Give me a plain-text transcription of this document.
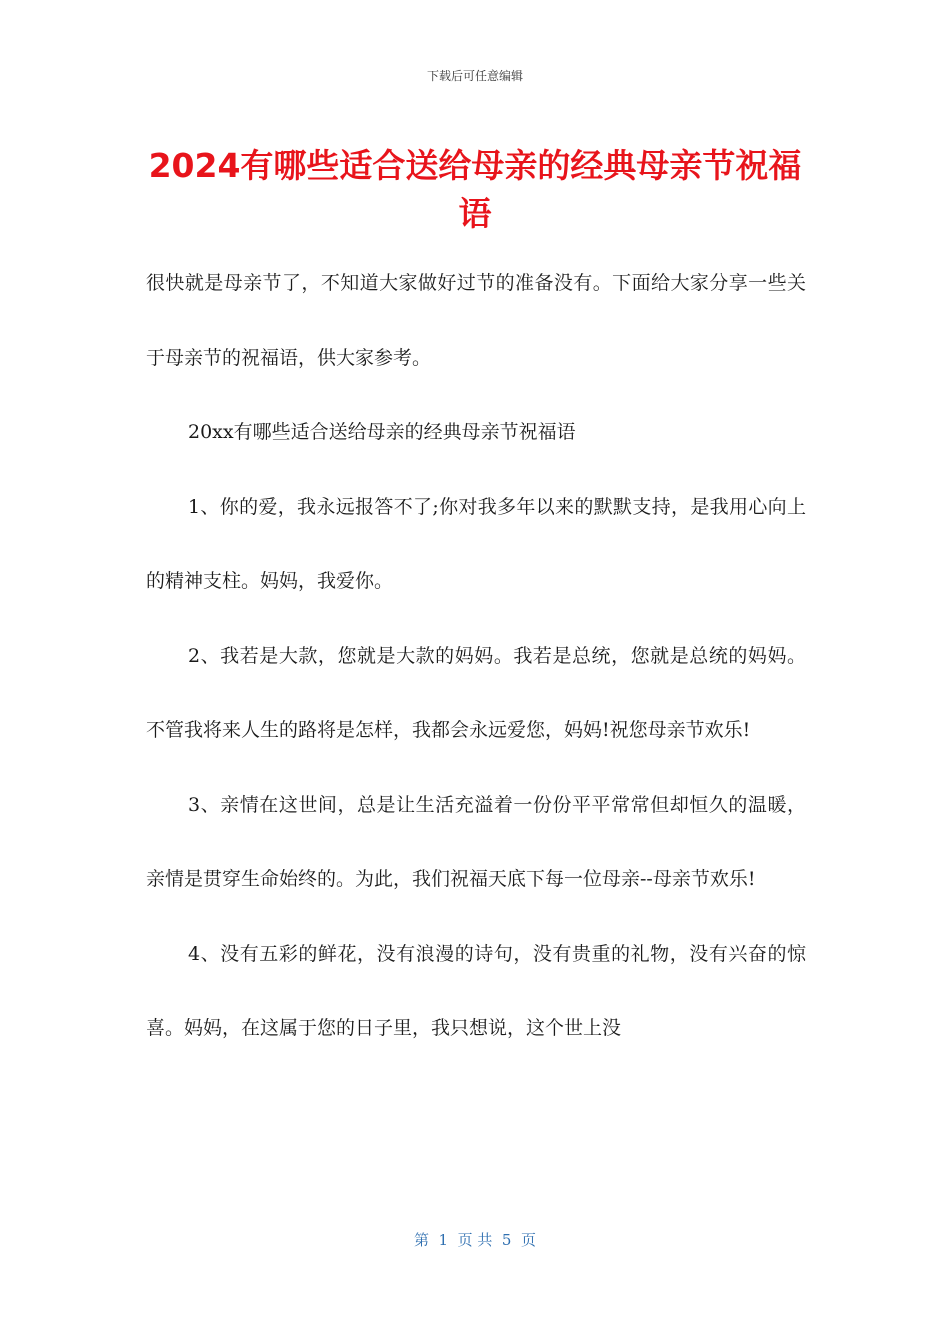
下载后可任意编辑
2024有哪些适合送给母亲的经典母亲节祝福语

很快就是母亲节了，不知道大家做好过节的准备没有。下面给大家分享一些关于母亲节的祝福语，供大家参考。

20xx有哪些适合送给母亲的经典母亲节祝福语

1、你的爱，我永远报答不了;你对我多年以来的默默支持，是我用心向上的精神支柱。妈妈，我爱你。

2、我若是大款，您就是大款的妈妈。我若是总统，您就是总统的妈妈。不管我将来人生的路将是怎样，我都会永远爱您，妈妈!祝您母亲节欢乐!

3、亲情在这世间，总是让生活充溢着一份份平平常常但却恒久的温暖，亲情是贯穿生命始终的。为此，我们祝福天底下每一位母亲--母亲节欢乐!

4、没有五彩的鲜花，没有浪漫的诗句，没有贵重的礼物，没有兴奋的惊喜。妈妈，在这属于您的日子里，我只想说，这个世上没

第  1  页 共  5  页
